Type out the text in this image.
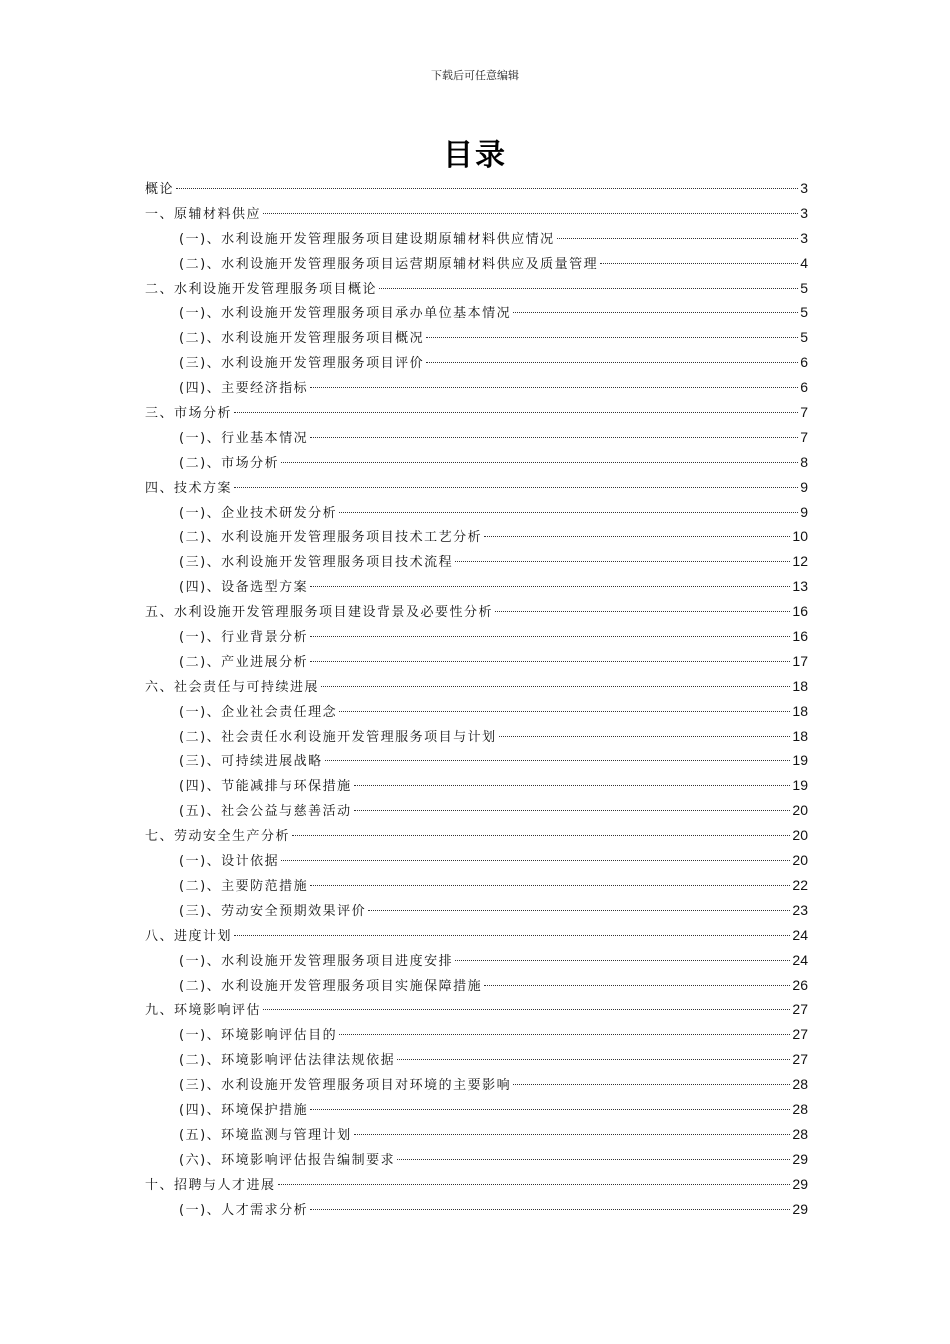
下载后可任意编辑
目录
概论	3
一、原辅材料供应	3
(一)、水利设施开发管理服务项目建设期原辅材料供应情况	3
(二)、水利设施开发管理服务项目运营期原辅材料供应及质量管理	4
二、水利设施开发管理服务项目概论	5
(一)、水利设施开发管理服务项目承办单位基本情况	5
(二)、水利设施开发管理服务项目概况	5
(三)、水利设施开发管理服务项目评价	6
(四)、主要经济指标	6
三、市场分析	7
(一)、行业基本情况	7
(二)、市场分析	8
四、技术方案	9
(一)、企业技术研发分析	9
(二)、水利设施开发管理服务项目技术工艺分析	10
(三)、水利设施开发管理服务项目技术流程	12
(四)、设备选型方案	13
五、水利设施开发管理服务项目建设背景及必要性分析	16
(一)、行业背景分析	16
(二)、产业进展分析	17
六、社会责任与可持续进展	18
(一)、企业社会责任理念	18
(二)、社会责任水利设施开发管理服务项目与计划	18
(三)、可持续进展战略	19
(四)、节能减排与环保措施	19
(五)、社会公益与慈善活动	20
七、劳动安全生产分析	20
(一)、设计依据	20
(二)、主要防范措施	22
(三)、劳动安全预期效果评价	23
八、进度计划	24
(一)、水利设施开发管理服务项目进度安排	24
(二)、水利设施开发管理服务项目实施保障措施	26
九、环境影响评估	27
(一)、环境影响评估目的	27
(二)、环境影响评估法律法规依据	27
(三)、水利设施开发管理服务项目对环境的主要影响	28
(四)、环境保护措施	28
(五)、环境监测与管理计划	28
(六)、环境影响评估报告编制要求	29
十、招聘与人才进展	29
(一)、人才需求分析	29
